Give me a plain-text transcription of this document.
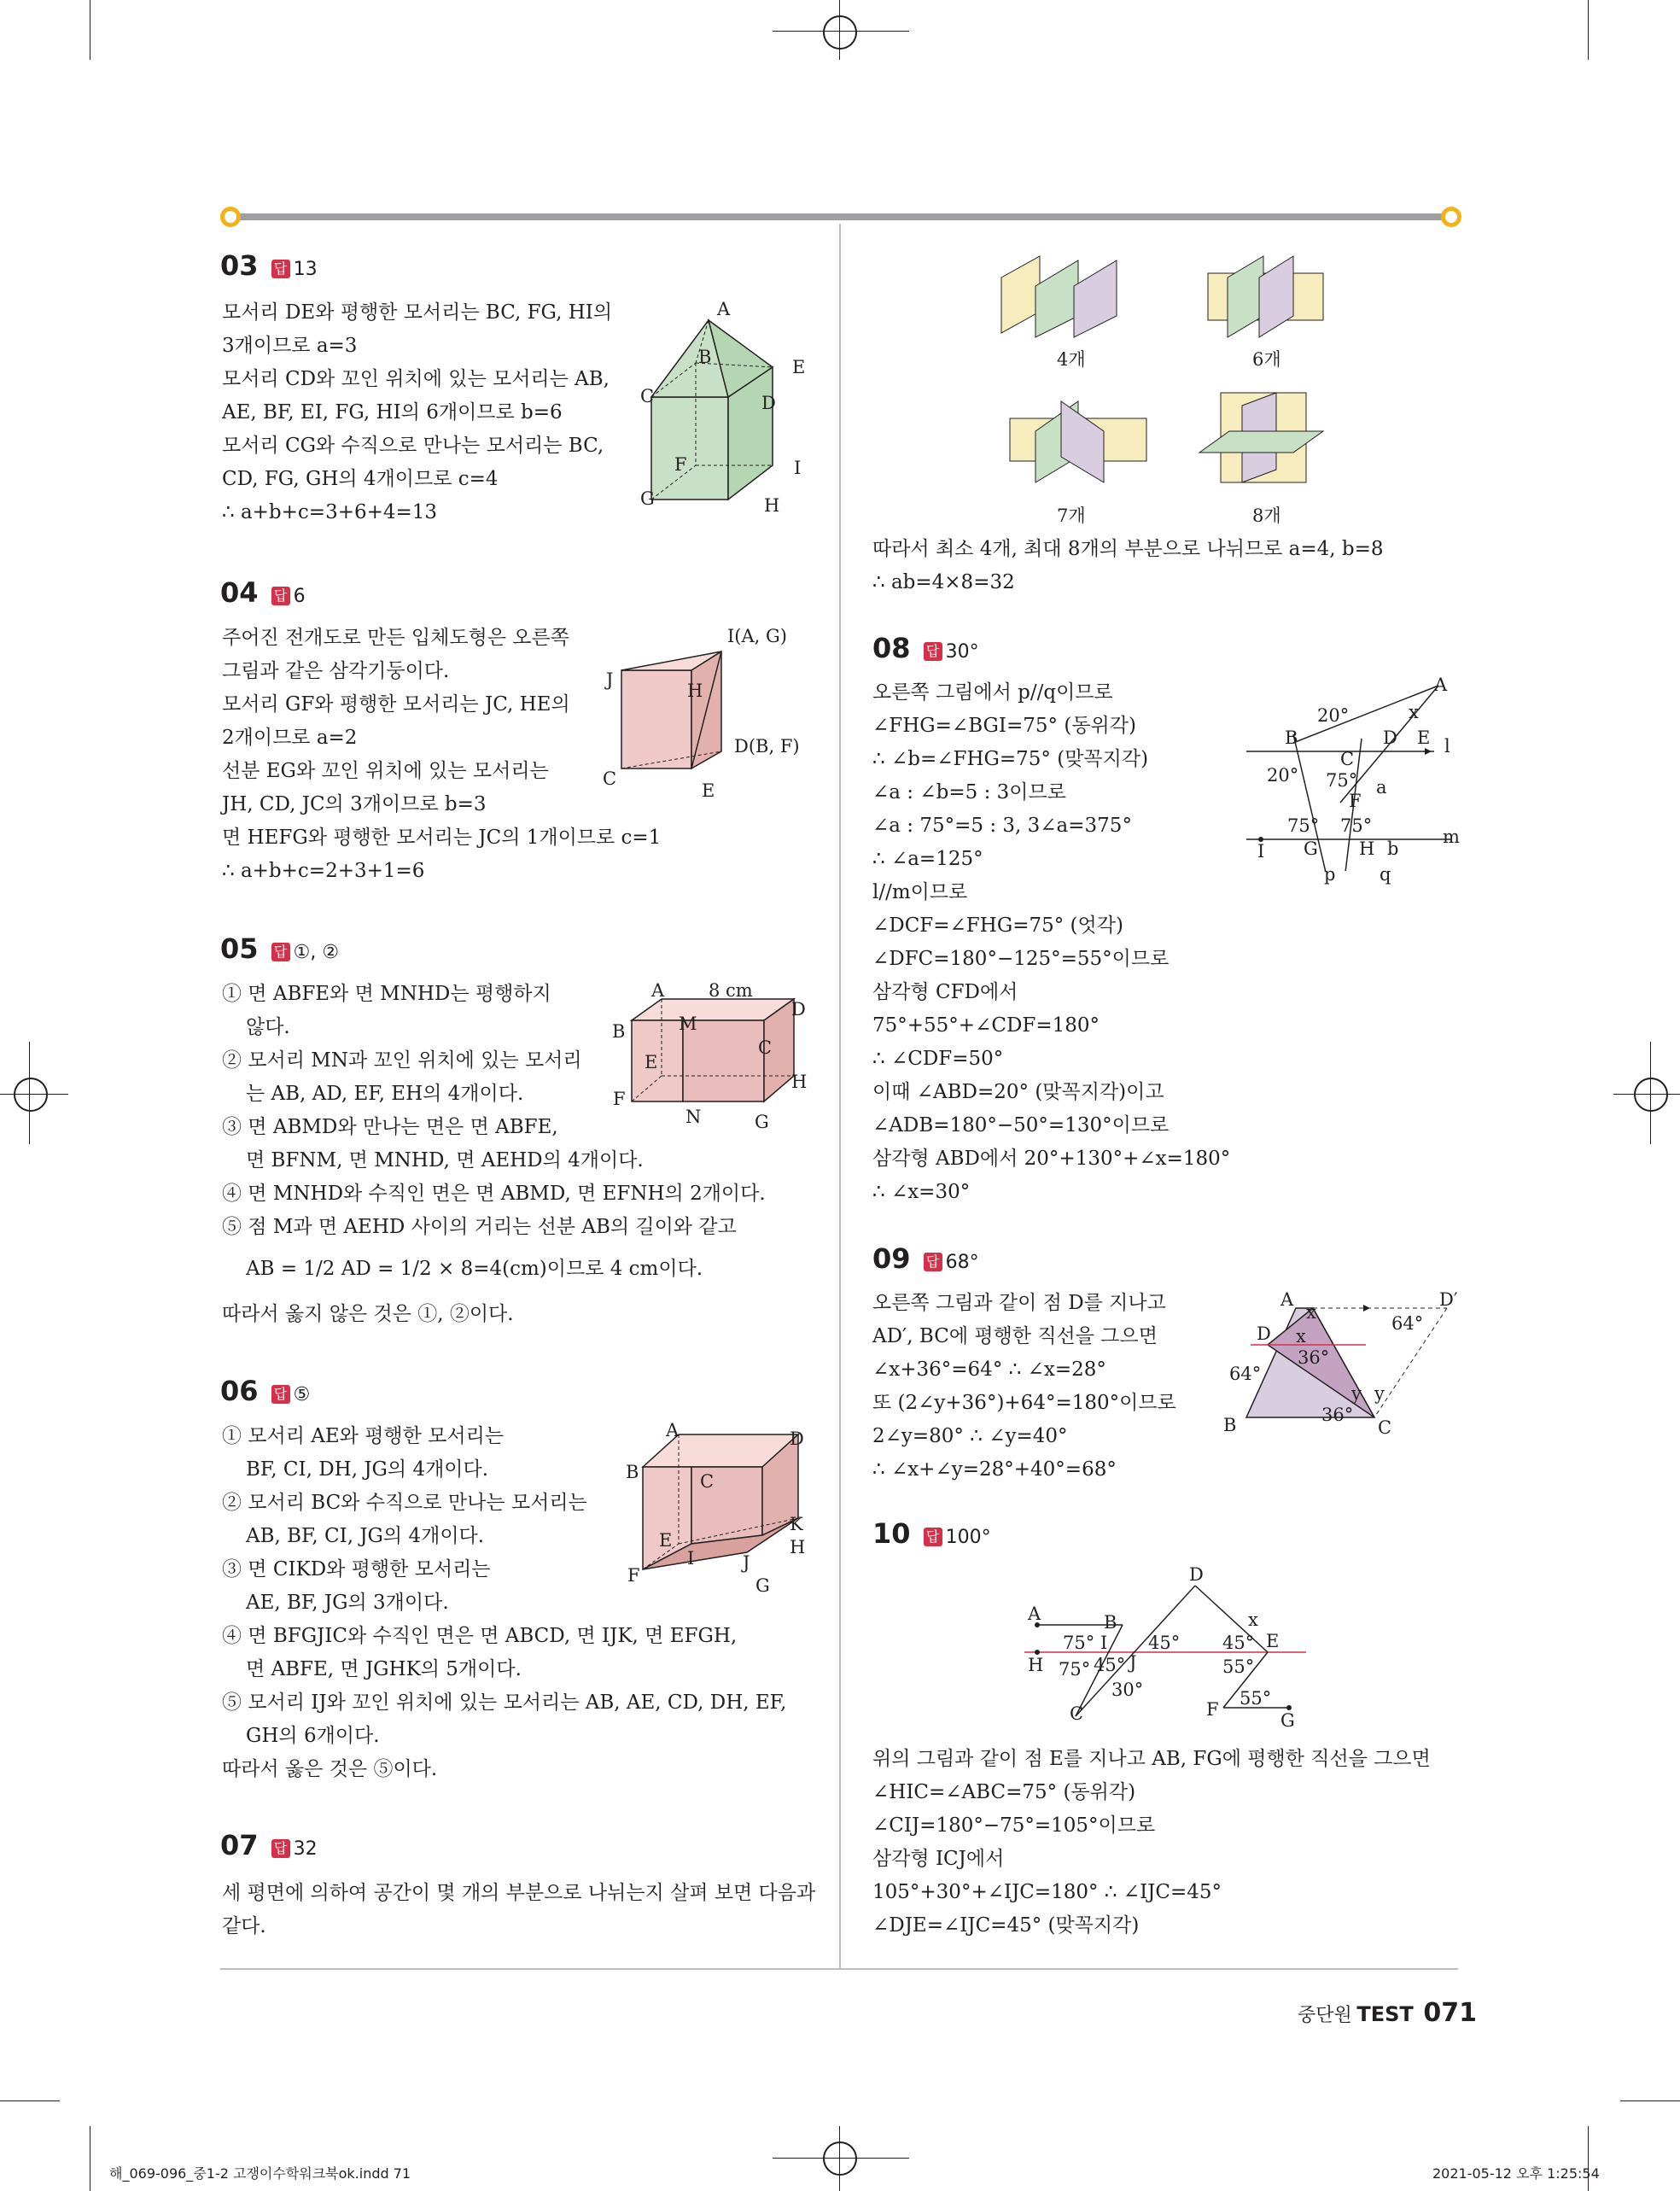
03 답 13
모서리 DE와 평행한 모서리는 BC, FG, HI의
3개이므로 a=3
모서리 CD와 꼬인 위치에 있는 모서리는 AB,
AE, BF, EI, FG, HI의 6개이므로 b=6
모서리 CG와 수직으로 만나는 모서리는 BC,
CD, FG, GH의 4개이므로 c=4
∴ a+b+c=3+6+4=13
A
B
C	D
E
F
G	H
I
04 답 6
주어진 전개도로 만든 입체도형은 오른쪽
그림과 같은 삼각기둥이다.
모서리 GF와 평행한 모서리는 JC, HE의
2개이므로 a=2
선분 EG와 꼬인 위치에 있는 모서리는
JH, CD, JC의 3개이므로 b=3
면 HEFG와 평행한 모서리는 JC의 1개이므로 c=1
∴ a+b+c=2+3+1=6
I(A, G)
J
H
D(B, F)
C
E
05 답 ①, ②
① 면 ABFE와 면 MNHD는 평행하지
않다.
② 모서리 MN과 꼬인 위치에 있는 모서리
는 AB, AD, EF, EH의 4개이다.
③ 면 ABMD와 만나는 면은 면 ABFE,
면 BFNM, 면 MNHD, 면 AEHD의 4개이다.
④ 면 MNHD와 수직인 면은 면 ABMD, 면 EFNH의 2개이다.
⑤ 점 M과 면 AEHD 사이의 거리는 선분 AB의 길이와 같고
AB = 1/2 AD = 1/2 × 8=4(cm)이므로 4 cm이다.
따라서 옳지 않은 것은 ①, ②이다.
A 8 cm
D
B	M
C
E
H
F
N	G
06 답 ⑤
① 모서리 AE와 평행한 모서리는
BF, CI, DH, JG의 4개이다.
② 모서리 BC와 수직으로 만나는 모서리는
AB, BF, CI, JG의 4개이다.
③ 면 CIKD와 평행한 모서리는
AE, BF, JG의 3개이다.
④ 면 BFGJIC와 수직인 면은 면 ABCD, 면 IJK, 면 EFGH,
면 ABFE, 면 JGHK의 5개이다.
⑤ 모서리 IJ와 꼬인 위치에 있는 모서리는 AB, AE, CD, DH, EF,
GH의 6개이다.
따라서 옳은 것은 ⑤이다.
A	D
B	C
K
H
E
I	J
F	G
07 답 32
세 평면에 의하여 공간이 몇 개의 부분으로 나뉘는지 살펴 보면 다음과
같다.
4개	6개
7개	8개
따라서 최소 4개, 최대 8개의 부분으로 나뉘므로 a=4, b=8
∴ ab=4×8=32
08 답 30°
오른쪽 그림에서 p//q이므로
∠FHG=∠BGI=75° (동위각)
∴ ∠b=∠FHG=75° (맞꼭지각)
∠a : ∠b=5 : 3이므로
∠a : 75°=5 : 3, 3∠a=375°
∴ ∠a=125°
l//m이므로
∠DCF=∠FHG=75° (엇각)
∠DFC=180°−125°=55°이므로
삼각형 CFD에서
75°+55°+∠CDF=180°
∴ ∠CDF=50°
이때 ∠ABD=20° (맞꼭지각)이고
∠ADB=180°−50°=130°이므로
삼각형 ABD에서 20°+130°+∠x=180°
∴ ∠x=30°
A
20°	x
B	D E l
20°
C
75° a
F
75° 75°
m
I G H b
p q
09 답 68°
오른쪽 그림과 같이 점 D를 지나고
AD′, BC에 평행한 직선을 그으면
∠x+36°=64° ∴ ∠x=28°
또 (2∠y+36°)+64°=180°이므로
2∠y=80° ∴ ∠y=40°
∴ ∠x+∠y=28°+40°=68°
A	D′
x
D x
64°
36°
64°
y y
B	36°
C
10 답 100°
D
A	B	x
75° I 45° 45° E
H 75° 45° J	55°
30°	55°
F
C	G
위의 그림과 같이 점 E를 지나고 AB, FG에 평행한 직선을 그으면
∠HIC=∠ABC=75° (동위각)
∠CIJ=180°−75°=105°이므로
삼각형 ICJ에서
105°+30°+∠IJC=180° ∴ ∠IJC=45°
∠DJE=∠IJC=45° (맞꼭지각)
중단원 TEST 071
해_069-096_중1-2 고쟁이수학워크북ok.indd 71	2021-05-12 오후 1:25:54
